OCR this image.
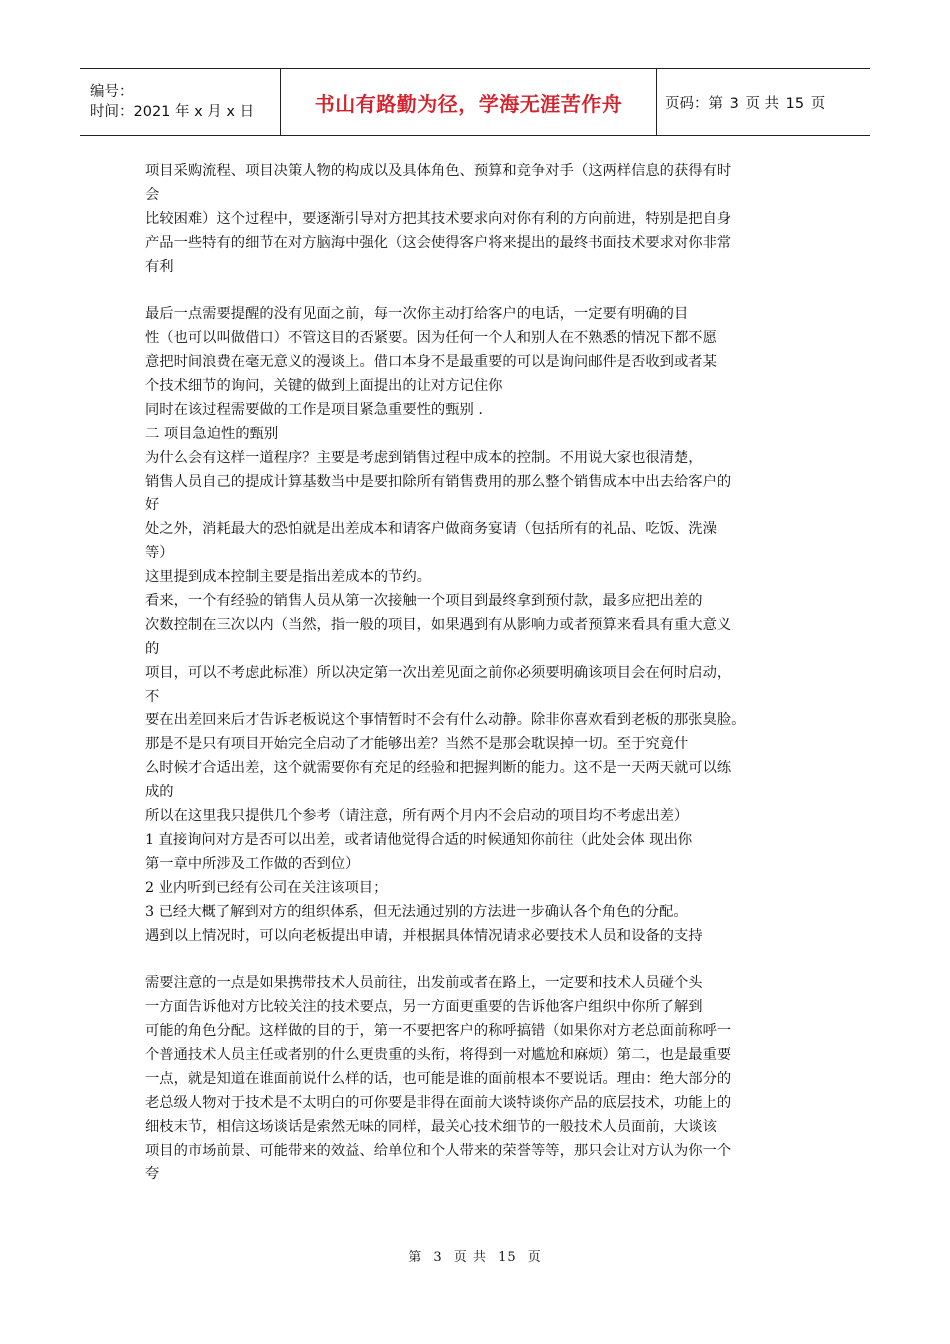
编号：
时间：2021 年 x 月 x 日	书山有路勤为径，学海无涯苦作舟	页码：第 3 页 共 15 页
项目采购流程、项目决策人物的构成以及具体角色、预算和竞争对手（这两样信息的获得有时
会
比较困难）这个过程中，要逐渐引导对方把其技术要求向对你有利的方向前进，特别是把自身
产品一些特有的细节在对方脑海中强化（这会使得客户将来提出的最终书面技术要求对你非常
有利
最后一点需要提醒的没有见面之前，每一次你主动打给客户的电话，一定要有明确的目
性（也可以叫做借口）不管这目的否紧要。因为任何一个人和别人在不熟悉的情况下都不愿
意把时间浪费在毫无意义的漫谈上。借口本身不是最重要的可以是询问邮件是否收到或者某
个技术细节的询问，关键的做到上面提出的让对方记住你
同时在该过程需要做的工作是项目紧急重要性的甄别 .
二 项目急迫性的甄别
为什么会有这样一道程序？主要是考虑到销售过程中成本的控制。不用说大家也很清楚，
销售人员自己的提成计算基数当中是要扣除所有销售费用的那么整个销售成本中出去给客户的
好
处之外，消耗最大的恐怕就是出差成本和请客户做商务宴请（包括所有的礼品、吃饭、洗澡
等）
这里提到成本控制主要是指出差成本的节约。
看来，一个有经验的销售人员从第一次接触一个项目到最终拿到预付款，最多应把出差的
次数控制在三次以内（当然，指一般的项目，如果遇到有从影响力或者预算来看具有重大意义
的
项目，可以不考虑此标准）所以决定第一次出差见面之前你必须要明确该项目会在何时启动，
不
要在出差回来后才告诉老板说这个事情暂时不会有什么动静。除非你喜欢看到老板的那张臭脸。
那是不是只有项目开始完全启动了才能够出差？当然不是那会耽误掉一切。至于究竟什
么时候才合适出差，这个就需要你有充足的经验和把握判断的能力。这不是一天两天就可以练
成的
所以在这里我只提供几个参考（请注意，所有两个月内不会启动的项目均不考虑出差）
1 直接询问对方是否可以出差，或者请他觉得合适的时候通知你前往（此处会体 现出你
第一章中所涉及工作做的否到位）
2 业内听到已经有公司在关注该项目；
3 已经大概了解到对方的组织体系，但无法通过别的方法进一步确认各个角色的分配。
遇到以上情况时，可以向老板提出申请，并根据具体情况请求必要技术人员和设备的支持
需要注意的一点是如果携带技术人员前往，出发前或者在路上，一定要和技术人员碰个头
一方面告诉他对方比较关注的技术要点，另一方面更重要的告诉他客户组织中你所了解到
可能的角色分配。这样做的目的于，第一不要把客户的称呼搞错（如果你对方老总面前称呼一
个普通技术人员主任或者别的什么更贵重的头衔，将得到一对尴尬和麻烦）第二，也是最重要
一点，就是知道在谁面前说什么样的话，也可能是谁的面前根本不要说话。理由：绝大部分的
老总级人物对于技术是不太明白的可你要是非得在面前大谈特谈你产品的底层技术，功能上的
细枝末节，相信这场谈话是索然无味的同样，最关心技术细节的一般技术人员面前，大谈该
项目的市场前景、可能带来的效益、给单位和个人带来的荣誉等等，那只会让对方认为你一个
夸
第 3 页 共 15 页
